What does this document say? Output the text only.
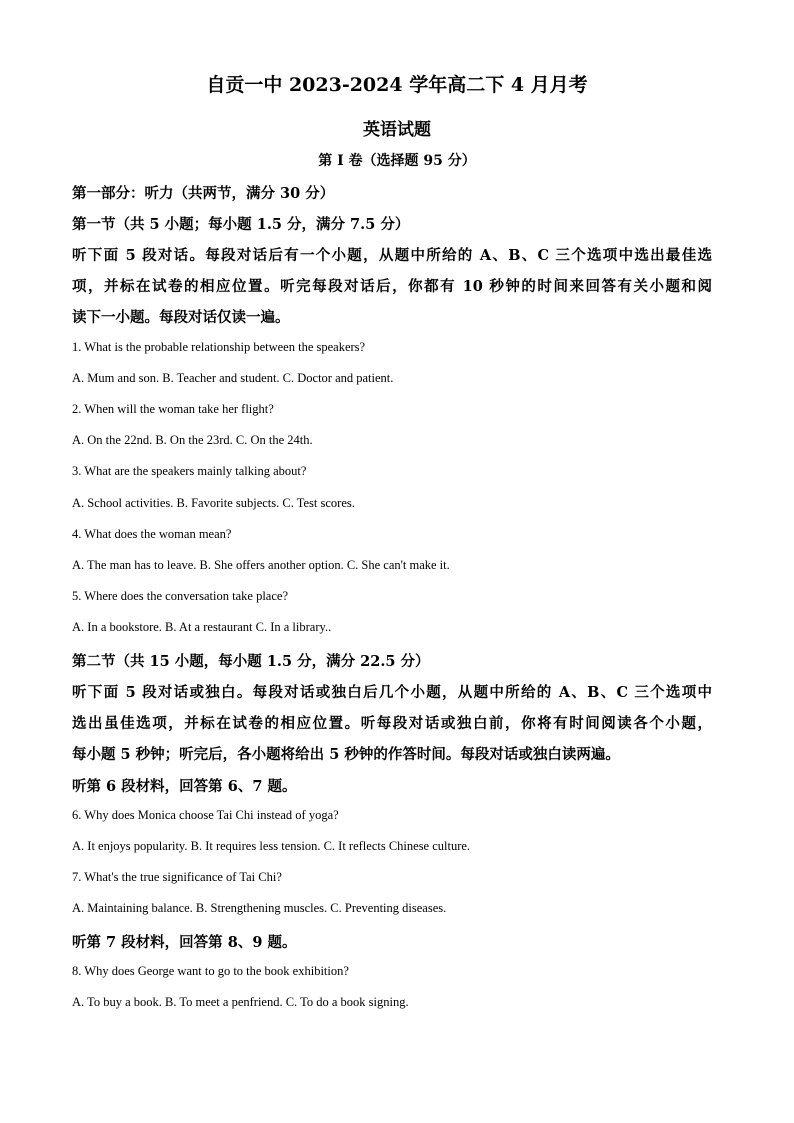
自贡一中 2023-2024 学年高二下 4 月月考
英语试题
第 I 卷（选择题 95 分）
第一部分：听力（共两节，满分 30 分）
第一节（共 5 小题；每小题 1.5 分，满分 7.5 分）
听下面 5 段对话。每段对话后有一个小题，从题中所给的 A、B、C 三个选项中选出最佳选
项，并标在试卷的相应位置。听完每段对话后，你都有 10 秒钟的时间来回答有关小题和阅
读下一小题。每段对话仅读一遍。
1. What is the probable relationship between the speakers?
A. Mum and son. B. Teacher and student. C. Doctor and patient.
2. When will the woman take her flight?
A. On the 22nd. B. On the 23rd. C. On the 24th.
3. What are the speakers mainly talking about?
A. School activities. B. Favorite subjects. C. Test scores.
4. What does the woman mean?
A. The man has to leave. B. She offers another option. C. She can't make it.
5. Where does the conversation take place?
A. In a bookstore. B. At a restaurant C. In a library..
第二节（共 15 小题，每小题 1.5 分，满分 22.5 分）
听下面 5 段对话或独白。每段对话或独白后几个小题，从题中所给的 A、B、C 三个选项中
选出虽佳选项，并标在试卷的相应位置。听每段对话或独白前，你将有时间阅读各个小题，
每小题 5 秒钟；听完后，各小题将给出 5 秒钟的作答时间。每段对话或独白读两遍。
听第 6 段材料，回答第 6、7 题。
6. Why does Monica choose Tai Chi instead of yoga?
A. It enjoys popularity. B. It requires less tension. C. It reflects Chinese culture.
7. What's the true significance of Tai Chi?
A. Maintaining balance. B. Strengthening muscles. C. Preventing diseases.
听第 7 段材料，回答第 8、9 题。
8. Why does George want to go to the book exhibition?
A. To buy a book. B. To meet a penfriend. C. To do a book signing.
